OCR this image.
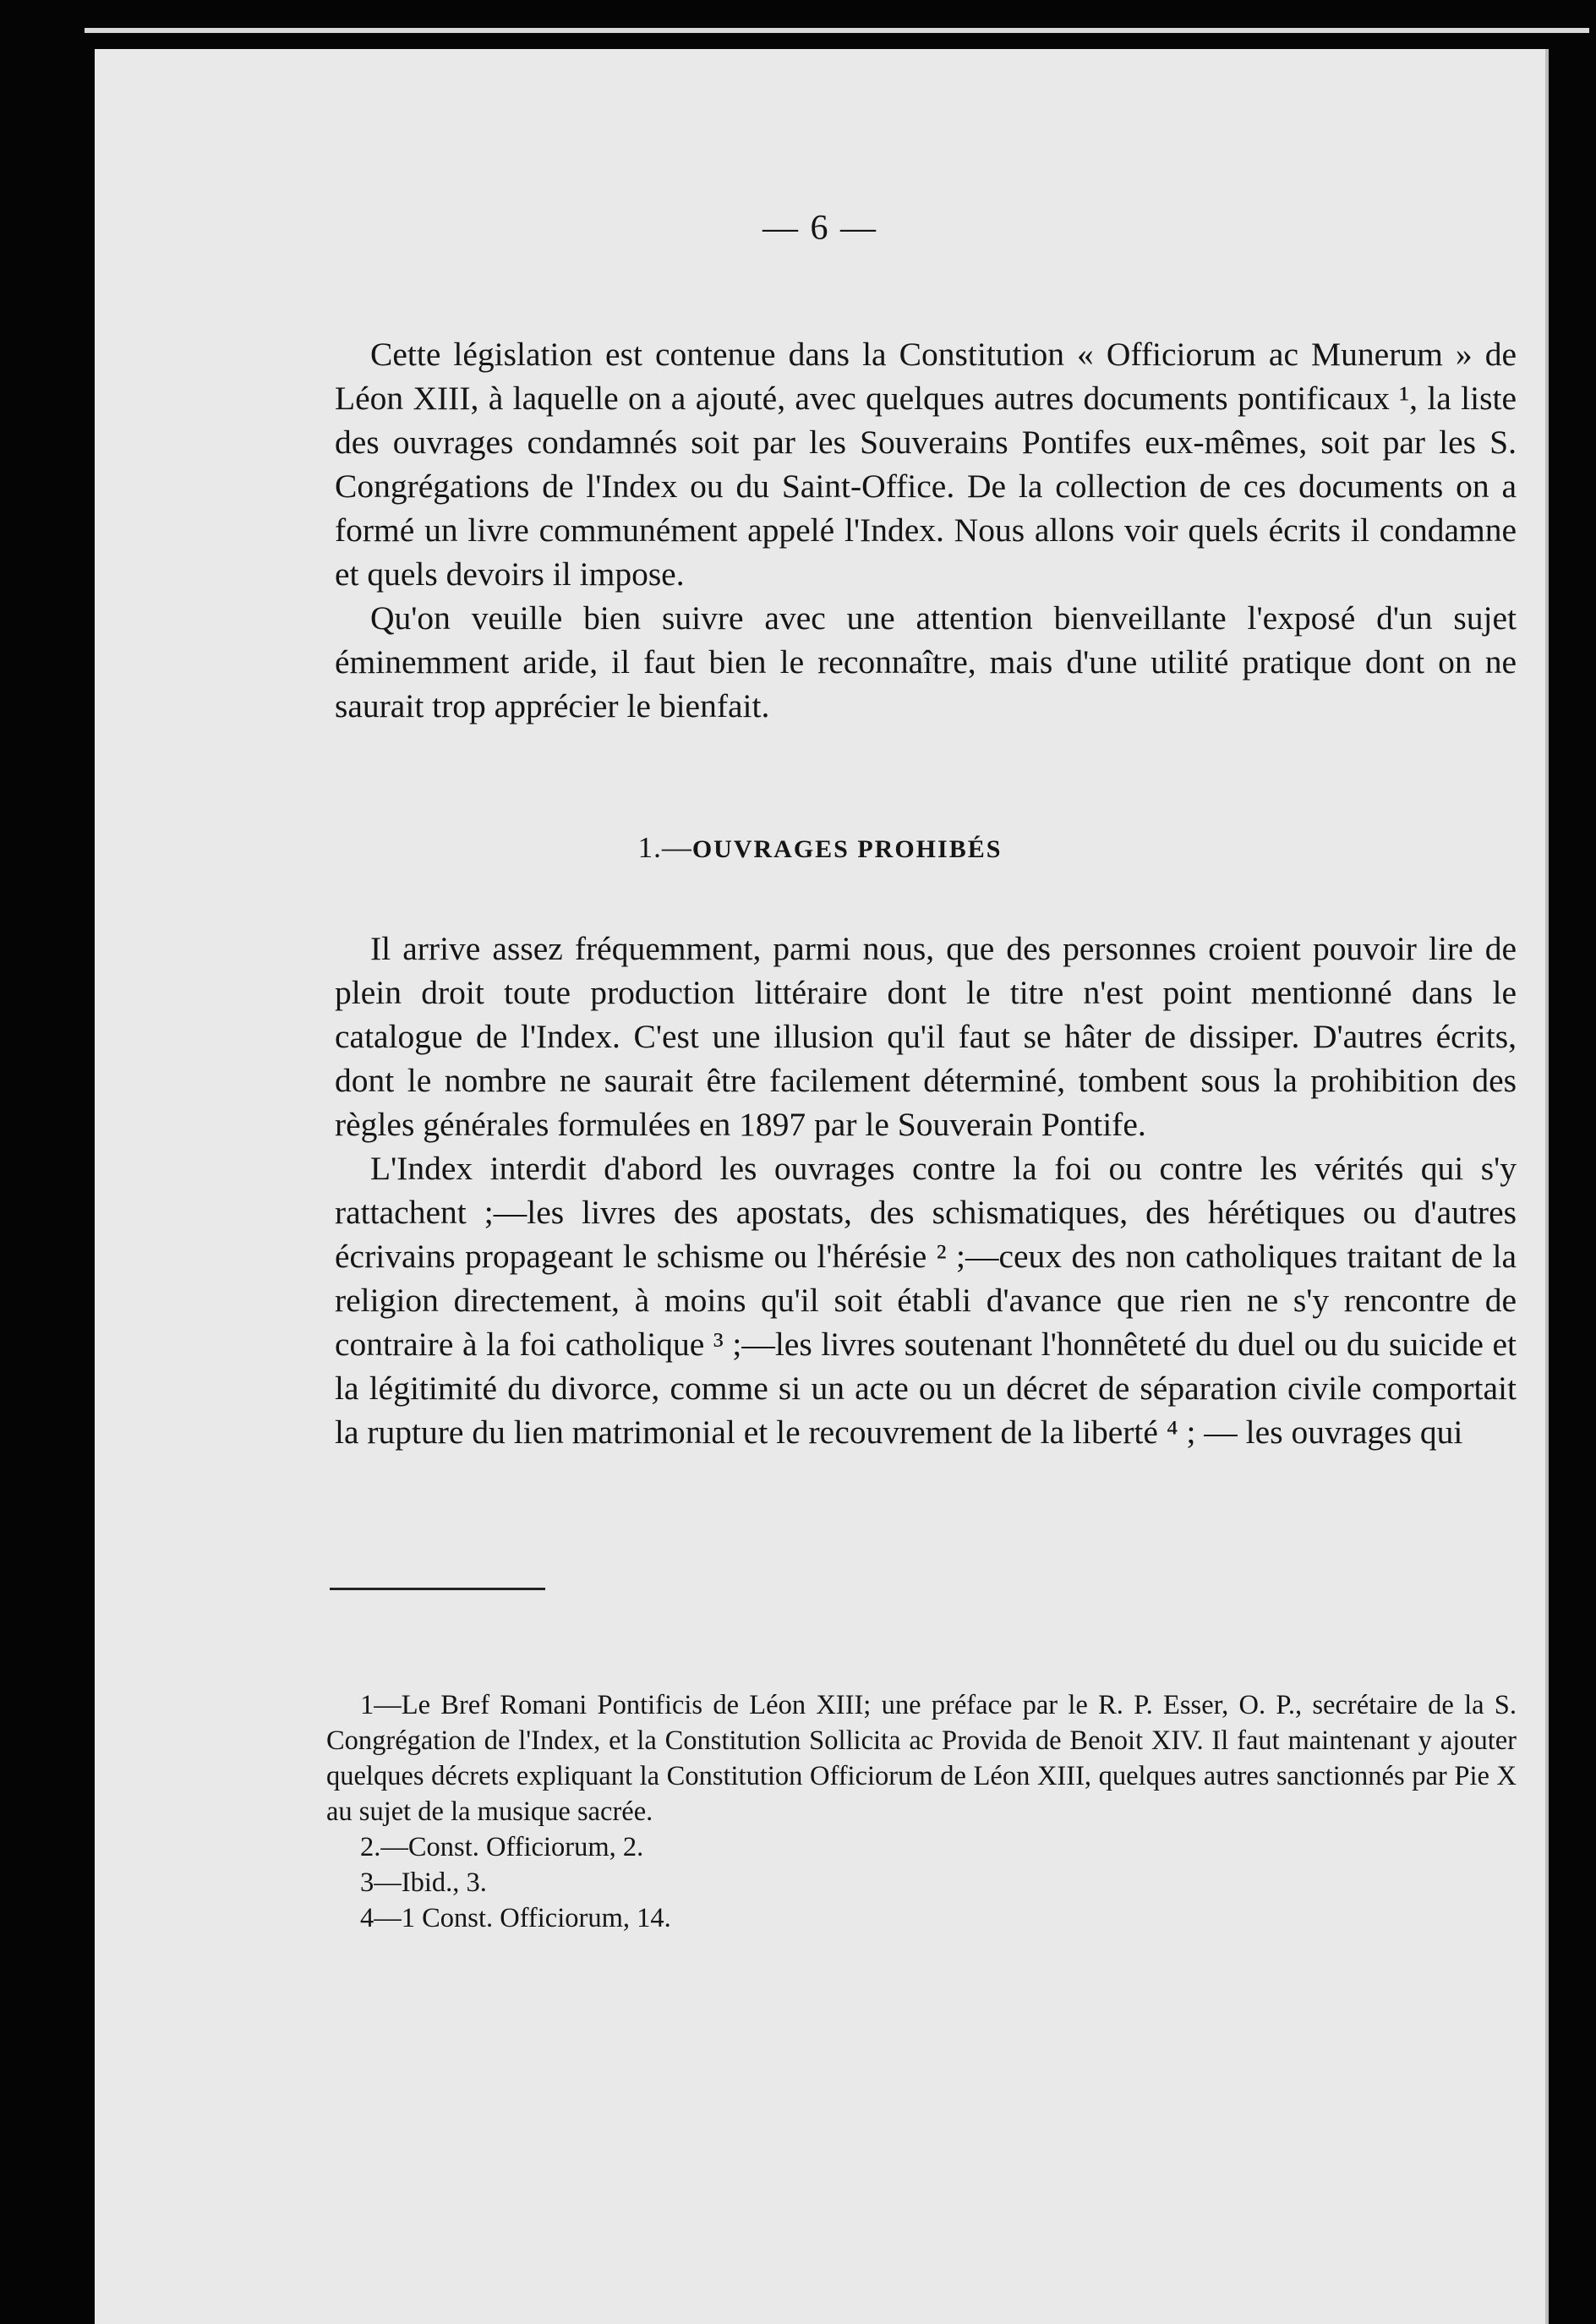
— 6 —

Cette législation est contenue dans la Constitution « Officiorum ac Munerum » de Léon XIII, à laquelle on a ajouté, avec quelques autres documents pontificaux ¹, la liste des ouvrages condamnés soit par les Souverains Pontifes eux-mêmes, soit par les S. Congrégations de l'Index ou du Saint-Office. De la collection de ces documents on a formé un livre communément appelé l'Index. Nous allons voir quels écrits il condamne et quels devoirs il impose.

Qu'on veuille bien suivre avec une attention bienveillante l'exposé d'un sujet éminemment aride, il faut bien le reconnaître, mais d'une utilité pratique dont on ne saurait trop apprécier le bienfait.

1.—OUVRAGES PROHIBÉS

Il arrive assez fréquemment, parmi nous, que des personnes croient pouvoir lire de plein droit toute production littéraire dont le titre n'est point mentionné dans le catalogue de l'Index. C'est une illusion qu'il faut se hâter de dissiper. D'autres écrits, dont le nombre ne saurait être facilement déterminé, tombent sous la prohibition des règles générales formulées en 1897 par le Souverain Pontife.

L'Index interdit d'abord les ouvrages contre la foi ou contre les vérités qui s'y rattachent ;—les livres des apostats, des schismatiques, des hérétiques ou d'autres écrivains propageant le schisme ou l'hérésie ² ;—ceux des non catholiques traitant de la religion directement, à moins qu'il soit établi d'avance que rien ne s'y rencontre de contraire à la foi catholique ³ ;—les livres soutenant l'honnêteté du duel ou du suicide et la légitimité du divorce, comme si un acte ou un décret de séparation civile comportait la rupture du lien matrimonial et le recouvrement de la liberté ⁴ ; — les ouvrages qui

1—Le Bref Romani Pontificis de Léon XIII; une préface par le R. P. Esser, O. P., secrétaire de la S. Congrégation de l'Index, et la Constitution Sollicita ac Provida de Benoit XIV. Il faut maintenant y ajouter quelques décrets expliquant la Constitution Officiorum de Léon XIII, quelques autres sanctionnés par Pie X au sujet de la musique sacrée.

2.—Const. Officiorum, 2.

3—Ibid., 3.

4—1 Const. Officiorum, 14.
